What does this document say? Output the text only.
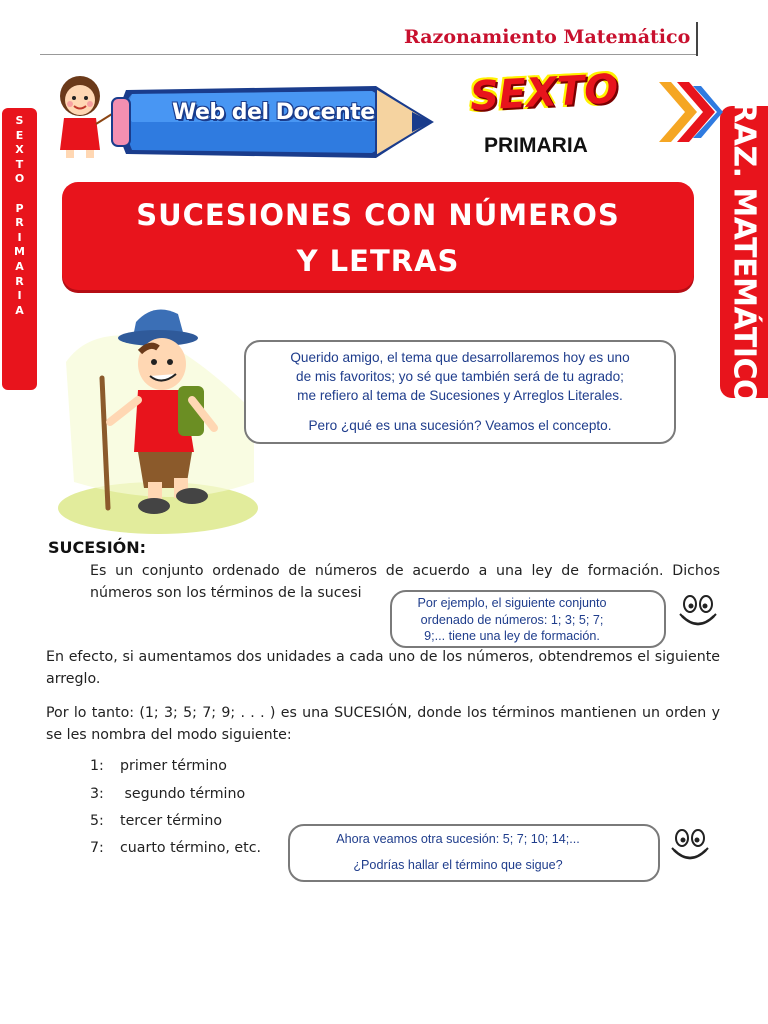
Razonamiento Matemático
S
E
X
T
O

P
R
I
M
A
R
I
A	RAZ. MATEMÁTICO
Web del Docente SEXTO
PRIMARIA
SUCESIONES CON NÚMEROS
Y LETRAS
Querido amigo, el tema que desarrollaremos hoy es uno
de mis favoritos; yo sé que también será de tu agrado;
me refiero al tema de Sucesiones y Arreglos Literales.
Pero ¿qué es una sucesión? Veamos el concepto.
SUCESIÓN:
Es un conjunto ordenado de números de acuerdo a una ley de formación. Dichos números son los términos de la sucesi
Por ejemplo, el siguiente conjunto
ordenado de números: 1; 3; 5; 7;
9;... tiene una ley de formación.
En efecto, si aumentamos dos unidades a cada uno de los números, obtendremos el siguiente arreglo.
Por lo tanto: (1; 3; 5; 7; 9; . . . ) es una SUCESIÓN, donde los términos mantienen un orden y se les nombra del modo siguiente:
1: primer término
3: segundo término
5: tercer término
7: cuarto término, etc.
Ahora veamos otra sucesión: 5; 7; 10; 14;...
¿Podrías hallar el término que sigue?
